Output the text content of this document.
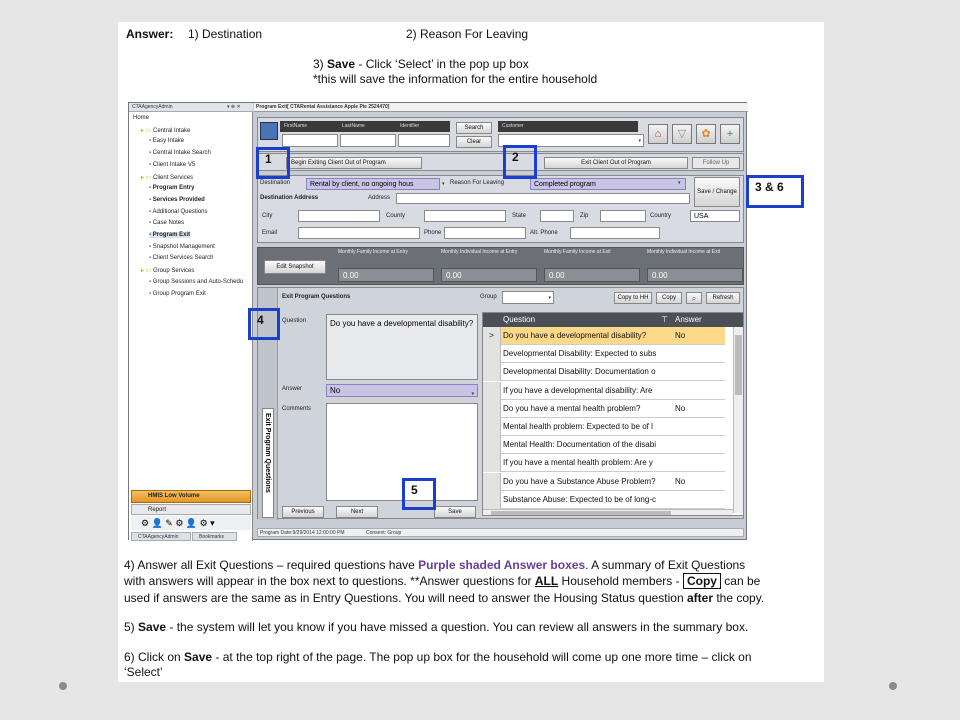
Answer: 1) Destination	2) Reason For Leaving
3) Save - Click ‘Select’ in the pop up box
*this will save the information for the entire household
CTAAgencyAdmin	▾ ⊕ ✕
Home
▸ ▭ Central Intake
▪ Easy Intake
▪ Central Intake Search
▪ Client Intake V5
▸ ▭ Client Services
▪ Program Entry
▪ Services Provided
▪ Additional Questions
▪ Case Notes
▪ Program Exit
▪ Snapshot Management
▪ Client Services Search
▸ ▭ Group Services
▪ Group Sessions and Auto-Schedu
▪ Group Program Exit
HMIS Low Volume
Report
⚙ 👤 ✎ ⚙ 👤 ⚙ ▾
CTAAgencyAdmin	Bookmarks
Program Exit[ CTARental Assistance Apple Pie 2524470]
FirstName	LastName	Identifier	Search
Clear
Customer
▾
⌂	▽	✿	+
Begin Exiting Client Out of Program	Exit Client Out of Program	Follow Up
Destination	Rental by client, no ongoing hous	▾ Reason For Leaving	Completed program	▾
Save / Change
Destination Address	Address
City	County	State	Zip	Country	USA
Email	Phone	Alt. Phone
Edit Snapshot
Monthly Family Income at Entry
0.00
Monthly Individual Income at Entry
0.00
Monthly Family Income at Exit
0.00
Monthly Individual Income at Exit
0.00
Exit Program Questions
Exit Program Questions	Group	▾	Copy to HH	Copy	⌕	Refresh
Question	Do you have a developmental disability?
Answer	No	▾
Comments
Previous	Next	Save
Question	⊤ Answer
>	Do you have a developmental disability?	No
Developmental Disability: Expected to subs
Developmental Disability: Documentation o
If you have a developmental disability: Are
Do you have a mental health problem?	No
Mental health problem: Expected to be of l
Mental Health: Documentation of the disabi
If you have a mental health problem: Are y
Do you have a Substance Abuse Problem?	No
Substance Abuse: Expected to be of long-c
Program Date:9/29/2014 12:00:00 PM	Consent: Group
1	2
3 & 6
4
5
4) Answer all Exit Questions – required questions have Purple shaded Answer boxes. A summary of Exit Questions
with answers will appear in the box next to questions. **Answer questions for ALL Household members - Copy can be
used if answers are the same as in Entry Questions. You will need to answer the Housing Status question after the copy.
5) Save - the system will let you know if you have missed a question. You can review all answers in the summary box.
6) Click on Save - at the top right of the page. The pop up box for the household will come up one more time – click on
‘Select’
